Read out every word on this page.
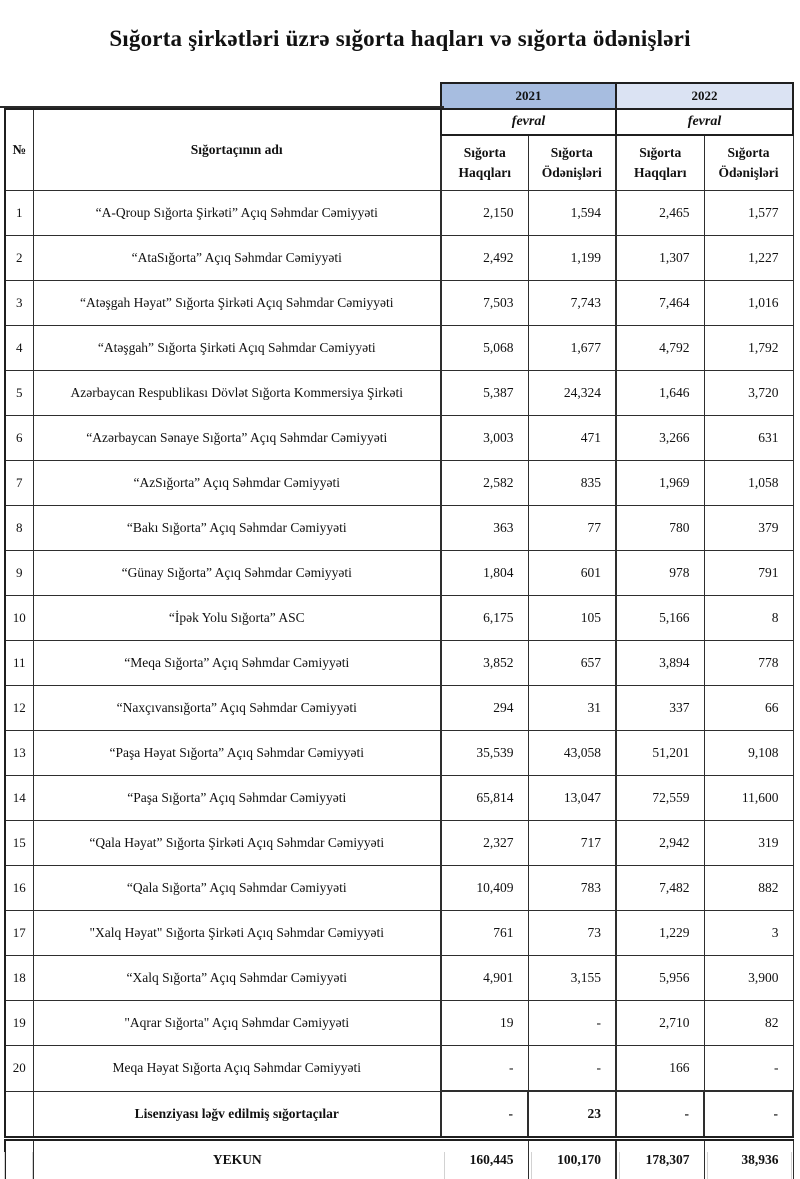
Sığorta şirkətləri üzrə sığorta haqları və sığorta ödənişləri
		2021		2022	
№	Sığortaçının adı	fevral		fevral	
		Sığorta Haqqları	Sığorta Ödənişləri	Sığorta Haqqları	Sığorta Ödənişləri
1	“A-Qroup Sığorta Şirkəti” Açıq Səhmdar Cəmiyyəti	2,150	1,594	2,465	1,577
2	“AtaSığorta” Açıq Səhmdar Cəmiyyəti	2,492	1,199	1,307	1,227
3	“Atəşgah Həyat” Sığorta Şirkəti Açıq Səhmdar Cəmiyyəti	7,503	7,743	7,464	1,016
4	“Atəşgah” Sığorta Şirkəti Açıq Səhmdar Cəmiyyəti	5,068	1,677	4,792	1,792
5	Azərbaycan Respublikası Dövlət Sığorta Kommersiya Şirkəti	5,387	24,324	1,646	3,720
6	“Azərbaycan Sənaye Sığorta” Açıq Səhmdar Cəmiyyəti	3,003	471	3,266	631
7	“AzSığorta” Açıq Səhmdar Cəmiyyəti	2,582	835	1,969	1,058
8	“Bakı Sığorta” Açıq Səhmdar Cəmiyyəti	363	77	780	379
9	“Günay Sığorta” Açıq Səhmdar Cəmiyyəti	1,804	601	978	791
10	“İpək Yolu Sığorta” ASC	6,175	105	5,166	8
11	“Meqa Sığorta” Açıq Səhmdar Cəmiyyəti	3,852	657	3,894	778
12	“Naxçıvansığorta” Açıq Səhmdar Cəmiyyəti	294	31	337	66
13	“Paşa Həyat Sığorta” Açıq Səhmdar Cəmiyyəti	35,539	43,058	51,201	9,108
14	“Paşa Sığorta” Açıq Səhmdar Cəmiyyəti	65,814	13,047	72,559	11,600
15	“Qala Həyat” Sığorta Şirkəti Açıq Səhmdar Cəmiyyəti	2,327	717	2,942	319
16	“Qala Sığorta” Açıq Səhmdar Cəmiyyəti	10,409	783	7,482	882
17	"Xalq Həyat" Sığorta Şirkəti Açıq Səhmdar Cəmiyyəti	761	73	1,229	3
18	“Xalq Sığorta” Açıq Səhmdar Cəmiyyəti	4,901	3,155	5,956	3,900
19	"Aqrar Sığorta" Açıq Səhmdar Cəmiyyəti	19	-	2,710	82
20	Meqa Həyat Sığorta Açıq Səhmdar Cəmiyyəti	-	-	166	-
	Lisenziyası ləğv edilmiş sığortaçılar	-	23	-	-
	YEKUN	160,445	100,170	178,307	38,936
